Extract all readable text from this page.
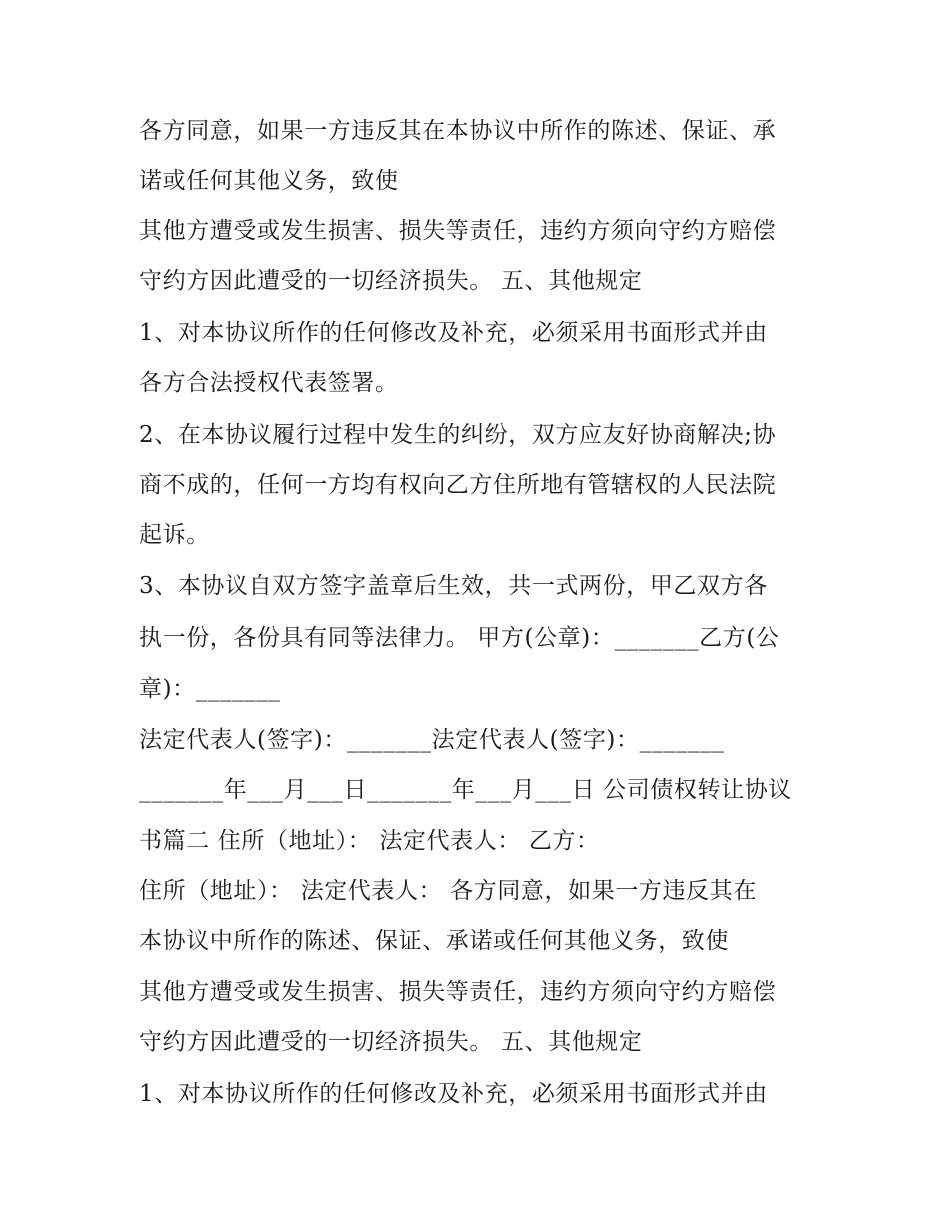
各方同意，如果一方违反其在本协议中所作的陈述、保证、承

诺或任何其他义务，致使

其他方遭受或发生损害、损失等责任，违约方须向守约方赔偿

守约方因此遭受的一切经济损失。 五、其他规定

1、对本协议所作的任何修改及补充，必须采用书面形式并由

各方合法授权代表签署。

2、在本协议履行过程中发生的纠纷，双方应友好协商解决;协

商不成的，任何一方均有权向乙方住所地有管辖权的人民法院

起诉。

3、本协议自双方签字盖章后生效，共一式两份，甲乙双方各

执一份，各份具有同等法律力。 甲方(公章)：_______乙方(公

章)：_______

法定代表人(签字)：_______法定代表人(签字)：_______

_______年___月___日_______年___月___日 公司债权转让协议

书篇二 住所（地址）： 法定代表人： 乙方：

住所（地址）： 法定代表人： 各方同意，如果一方违反其在

本协议中所作的陈述、保证、承诺或任何其他义务，致使

其他方遭受或发生损害、损失等责任，违约方须向守约方赔偿

守约方因此遭受的一切经济损失。 五、其他规定

1、对本协议所作的任何修改及补充，必须采用书面形式并由
